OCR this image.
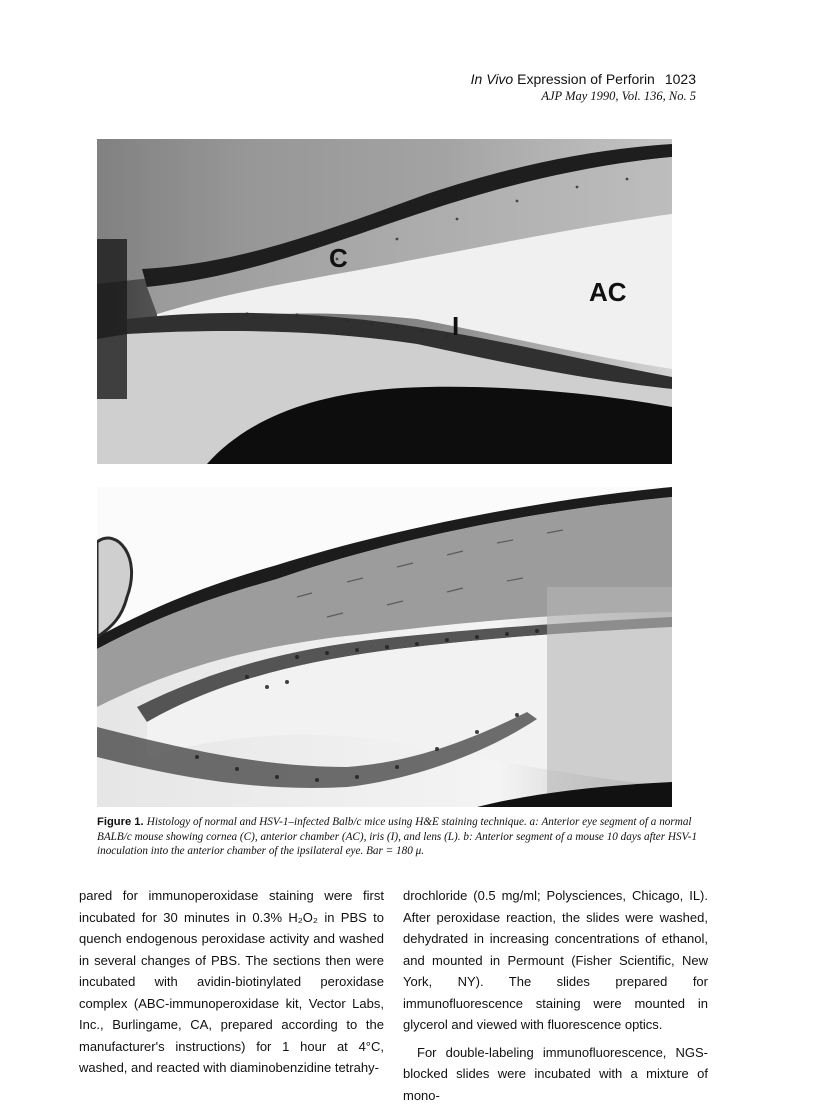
In Vivo Expression of Perforin 1023
AJP May 1990, Vol. 136, No. 5
C
AC
I
Figure 1. Histology of normal and HSV-1–infected Balb/c mice using H&E staining technique. a: Anterior eye segment of a normal BALB/c mouse showing cornea (C), anterior chamber (AC), iris (I), and lens (L). b: Anterior segment of a mouse 10 days after HSV-1 inoculation into the anterior chamber of the ipsilateral eye. Bar = 180 μ.

pared for immunoperoxidase staining were first incubated for 30 minutes in 0.3% H₂O₂ in PBS to quench endogenous peroxidase activity and washed in several changes of PBS. The sections then were incubated with avidin-biotinylated peroxidase complex (ABC-immunoperoxidase kit, Vector Labs, Inc., Burlingame, CA, prepared according to the manufacturer's instructions) for 1 hour at 4°C, washed, and reacted with diaminobenzidine tetrahy-

drochloride (0.5 mg/ml; Polysciences, Chicago, IL). After peroxidase reaction, the slides were washed, dehydrated in increasing concentrations of ethanol, and mounted in Permount (Fisher Scientific, New York, NY). The slides prepared for immunofluorescence staining were mounted in glycerol and viewed with fluorescence optics.

For double-labeling immunofluorescence, NGS-blocked slides were incubated with a mixture of mono-
